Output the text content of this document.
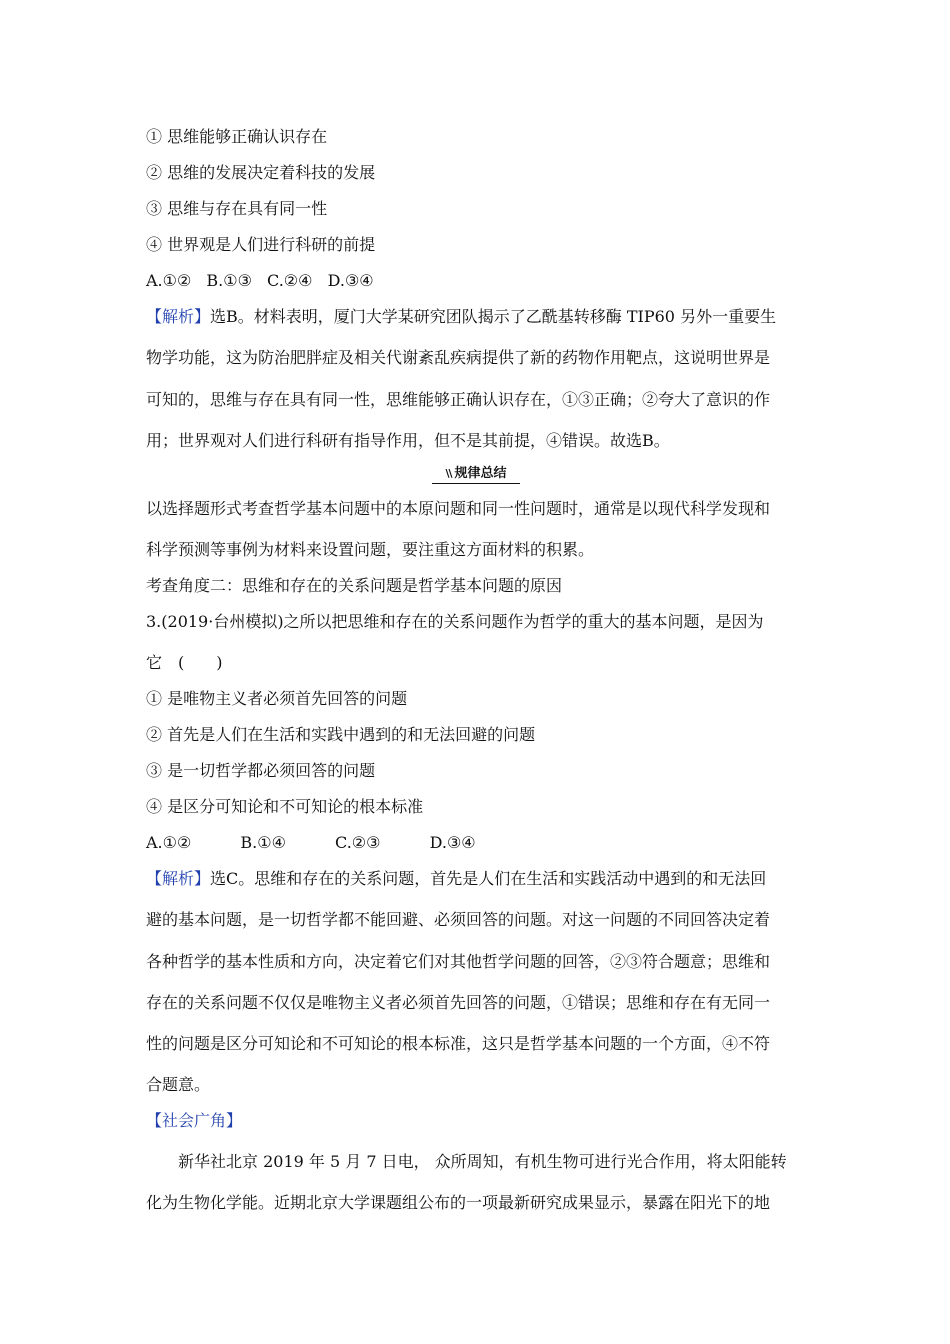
① 思维能够正确认识存在
② 思维的发展决定着科技的发展
③ 思维与存在具有同一性
④ 世界观是人们进行科研的前提
A.①② B.①③ C.②④ D.③④
【解析】选B。材料表明，厦门大学某研究团队揭示了乙酰基转移酶 TIP60 另外一重要生
物学功能，这为防治肥胖症及相关代谢紊乱疾病提供了新的药物作用靶点，这说明世界是
可知的，思维与存在具有同一性，思维能够正确认识存在，①③正确；②夸大了意识的作
用；世界观对人们进行科研有指导作用，但不是其前提，④错误。故选B。
\\ 规律总结
以选择题形式考查哲学基本问题中的本原问题和同一性问题时，通常是以现代科学发现和
科学预测等事例为材料来设置问题，要注重这方面材料的积累。
考查角度二：思维和存在的关系问题是哲学基本问题的原因
3.(2019·台州模拟)之所以把思维和存在的关系问题作为哲学的重大的基本问题，是因为
它　(　　)
① 是唯物主义者必须首先回答的问题
② 首先是人们在生活和实践中遇到的和无法回避的问题
③ 是一切哲学都必须回答的问题
④ 是区分可知论和不可知论的根本标准
A.①②	B.①④	C.②③	D.③④
【解析】选C。思维和存在的关系问题，首先是人们在生活和实践活动中遇到的和无法回
避的基本问题，是一切哲学都不能回避、必须回答的问题。对这一问题的不同回答决定着
各种哲学的基本性质和方向，决定着它们对其他哲学问题的回答，②③符合题意；思维和
存在的关系问题不仅仅是唯物主义者必须首先回答的问题，①错误；思维和存在有无同一
性的问题是区分可知论和不可知论的根本标准，这只是哲学基本问题的一个方面，④不符
合题意。
【社会广角】
新华社北京 2019 年 5 月 7 日电， 众所周知，有机生物可进行光合作用，将太阳能转
化为生物化学能。近期北京大学课题组公布的一项最新研究成果显示，暴露在阳光下的地
